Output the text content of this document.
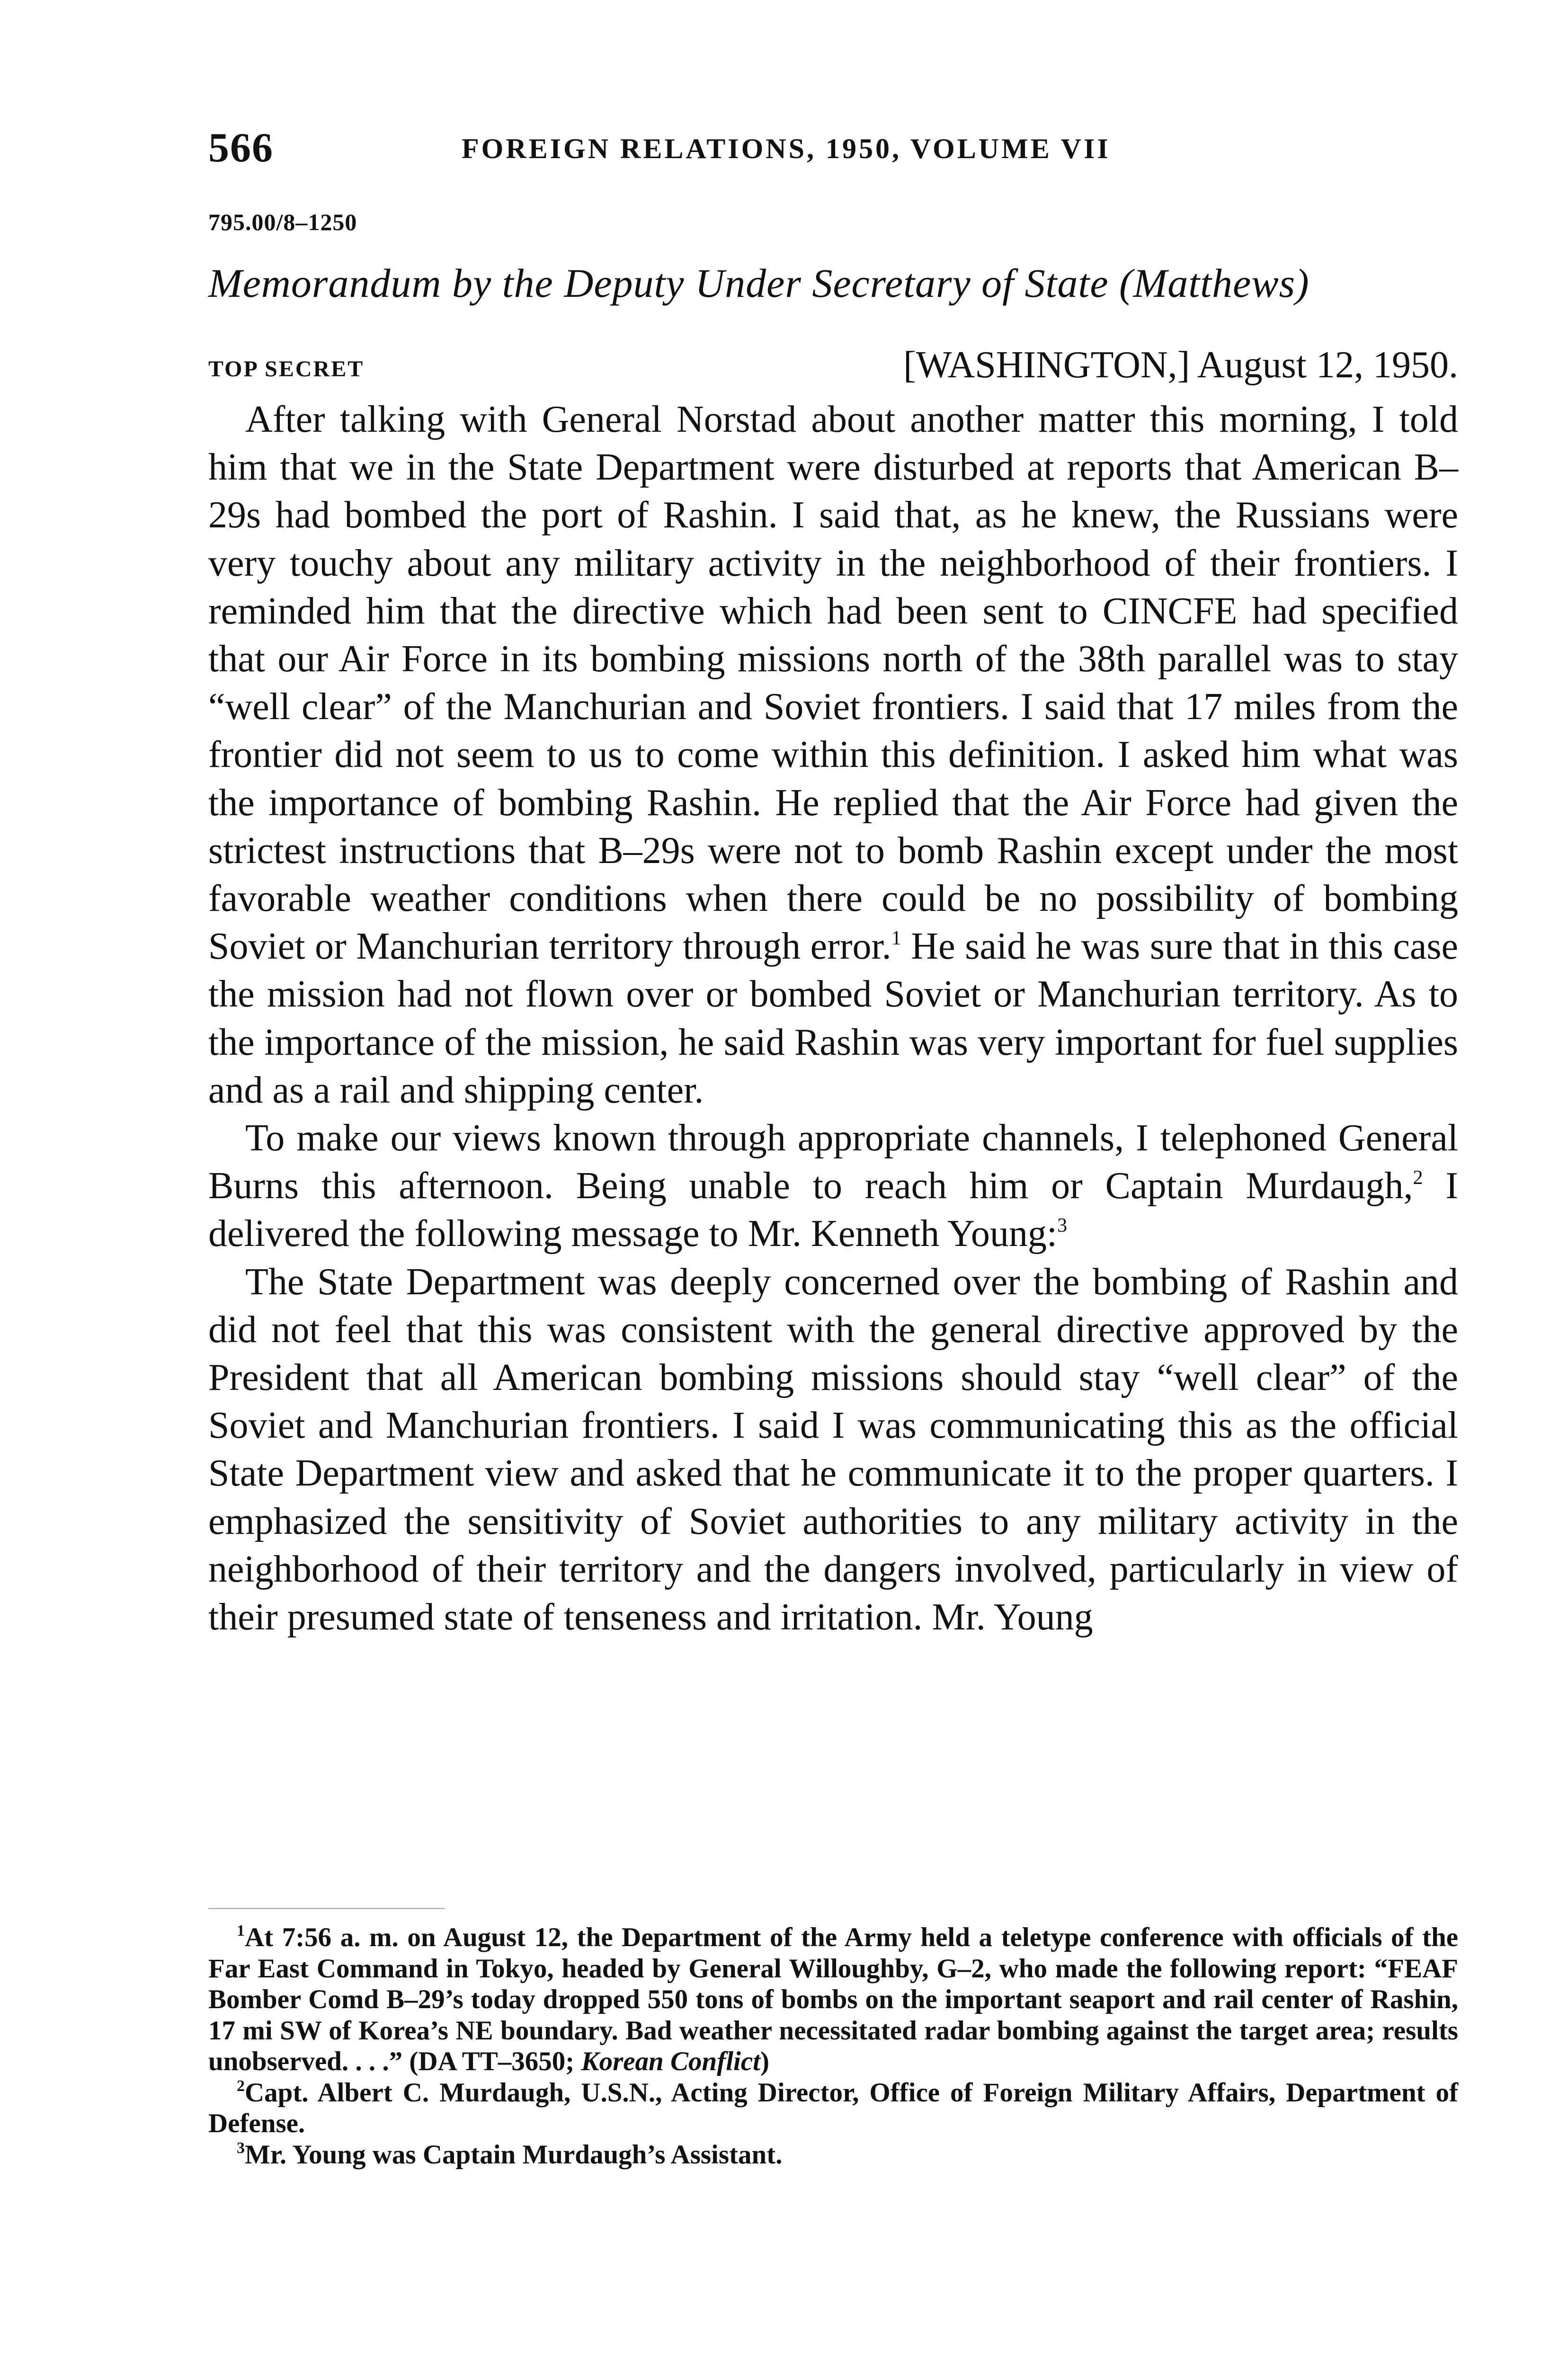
566	FOREIGN RELATIONS, 1950, VOLUME VII
795.00/8–1250
Memorandum by the Deputy Under Secretary of State (Matthews)
TOP SECRET	[WASHINGTON,] August 12, 1950.

After talking with General Norstad about another matter this morning, I told him that we in the State Department were disturbed at reports that American B–29s had bombed the port of Rashin. I said that, as he knew, the Russians were very touchy about any military activity in the neighborhood of their frontiers. I reminded him that the directive which had been sent to CINCFE had specified that our Air Force in its bombing missions north of the 38th parallel was to stay “well clear” of the Manchurian and Soviet frontiers. I said that 17 miles from the frontier did not seem to us to come within this definition. I asked him what was the importance of bombing Rashin. He replied that the Air Force had given the strictest instructions that B–29s were not to bomb Rashin except under the most favorable weather conditions when there could be no possibility of bombing Soviet or Manchurian territory through error.$^1$ He said he was sure that in this case the mission had not flown over or bombed Soviet or Manchurian territory. As to the importance of the mission, he said Rashin was very important for fuel supplies and as a rail and shipping center.

To make our views known through appropriate channels, I telephoned General Burns this afternoon. Being unable to reach him or Captain Murdaugh,$^2$ I delivered the following message to Mr. Kenneth Young:$^3$

The State Department was deeply concerned over the bombing of Rashin and did not feel that this was consistent with the general directive approved by the President that all American bombing missions should stay “well clear” of the Soviet and Manchurian frontiers. I said I was communicating this as the official State Department view and asked that he communicate it to the proper quarters. I emphasized the sensitivity of Soviet authorities to any military activity in the neighborhood of their territory and the dangers involved, particularly in view of their presumed state of tenseness and irritation. Mr. Young

$^1$At 7:56 a. m. on August 12, the Department of the Army held a teletype conference with officials of the Far East Command in Tokyo, headed by General Willoughby, G–2, who made the following report: “FEAF Bomber Comd B–29’s today dropped 550 tons of bombs on the important seaport and rail center of Rashin, 17 mi SW of Korea’s NE boundary. Bad weather necessitated radar bombing against the target area; results unobserved. . . .” (DA TT–3650; Korean Conflict)

$^2$Capt. Albert C. Murdaugh, U.S.N., Acting Director, Office of Foreign Military Affairs, Department of Defense.

$^3$Mr. Young was Captain Murdaugh’s Assistant.
